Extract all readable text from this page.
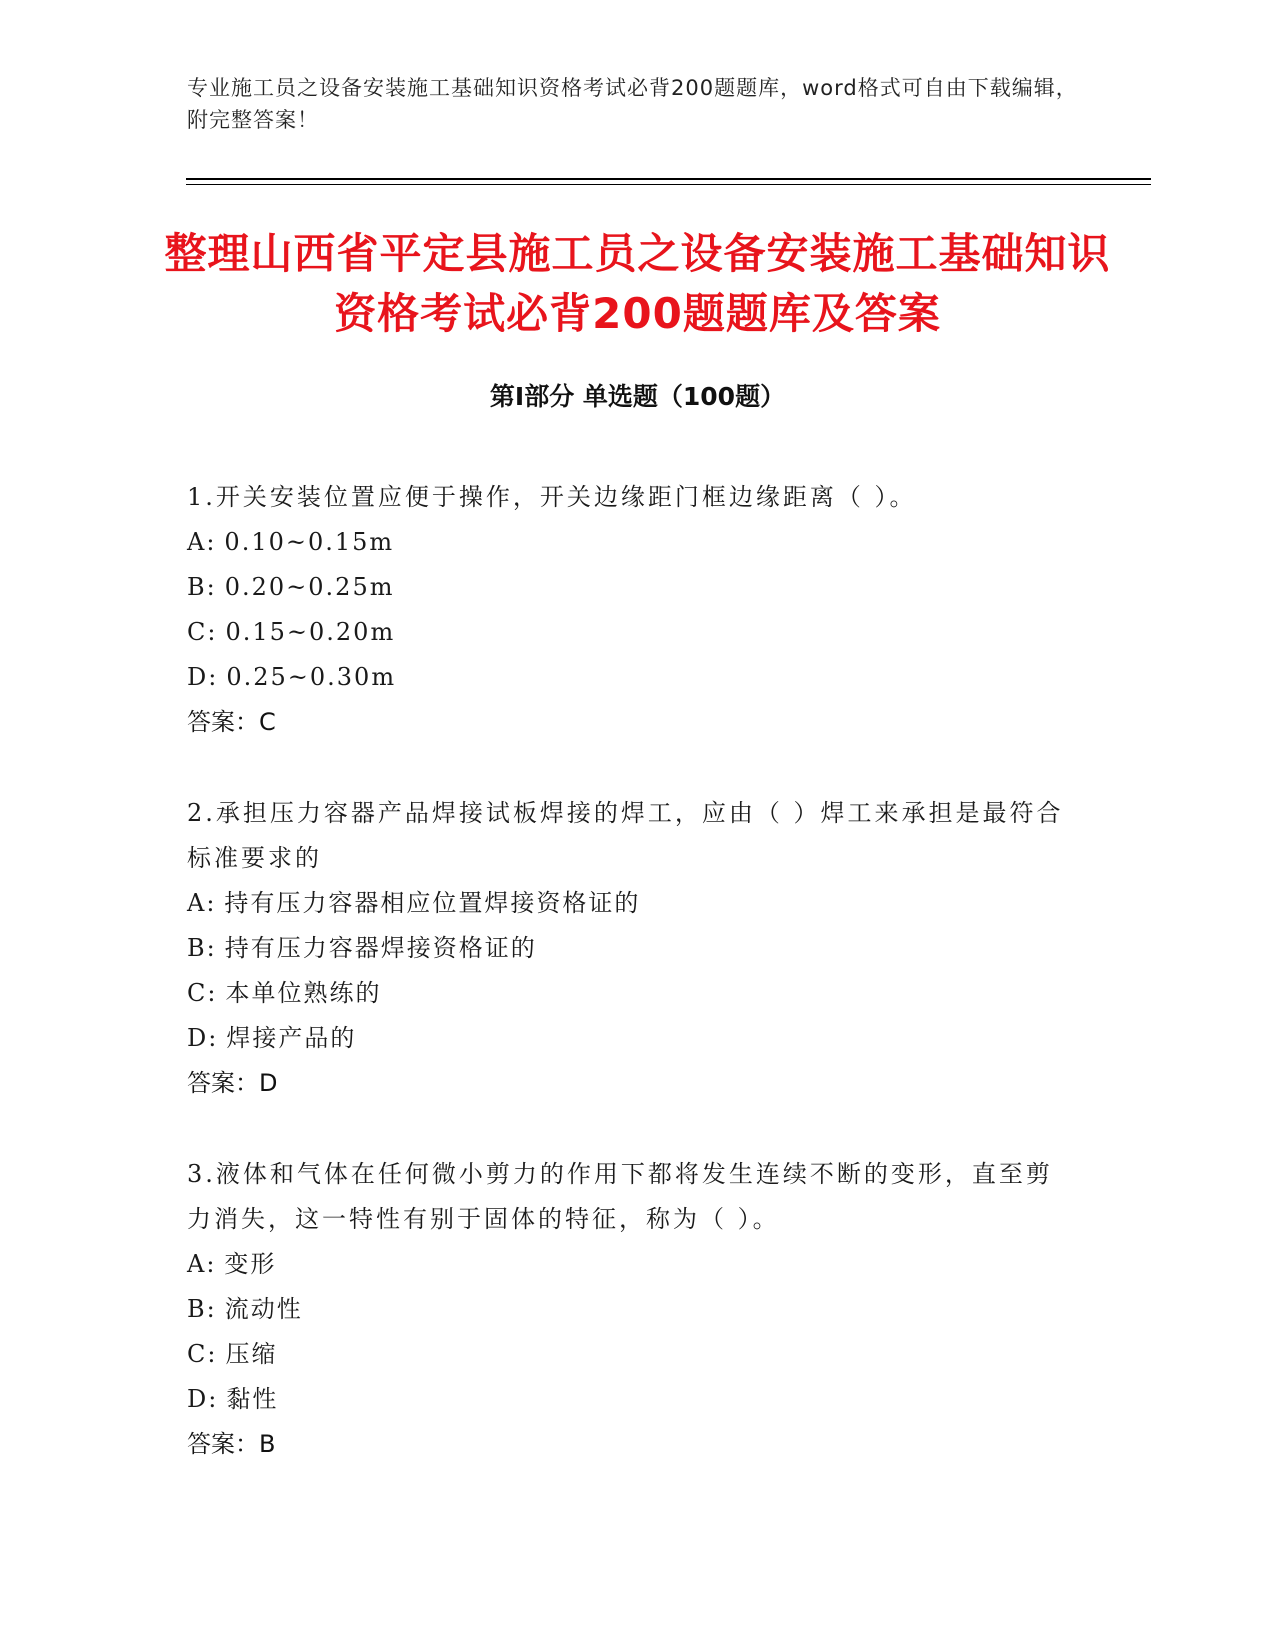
专业施工员之设备安装施工基础知识资格考试必背200题题库，word格式可自由下载编辑，附完整答案！
整理山西省平定县施工员之设备安装施工基础知识资格考试必背200题题库及答案
第Ⅰ部分 单选题（100题）
1.开关安装位置应便于操作，开关边缘距门框边缘距离（ ）。
A: 0.10~0.15m
B: 0.20~0.25m
C: 0.15~0.20m
D: 0.25~0.30m
答案：C
2.承担压力容器产品焊接试板焊接的焊工，应由（ ）焊工来承担是最符合标准要求的
A: 持有压力容器相应位置焊接资格证的
B: 持有压力容器焊接资格证的
C: 本单位熟练的
D: 焊接产品的
答案：D
3.液体和气体在任何微小剪力的作用下都将发生连续不断的变形，直至剪力消失，这一特性有别于固体的特征，称为（ ）。
A: 变形
B: 流动性
C: 压缩
D: 黏性
答案：B
